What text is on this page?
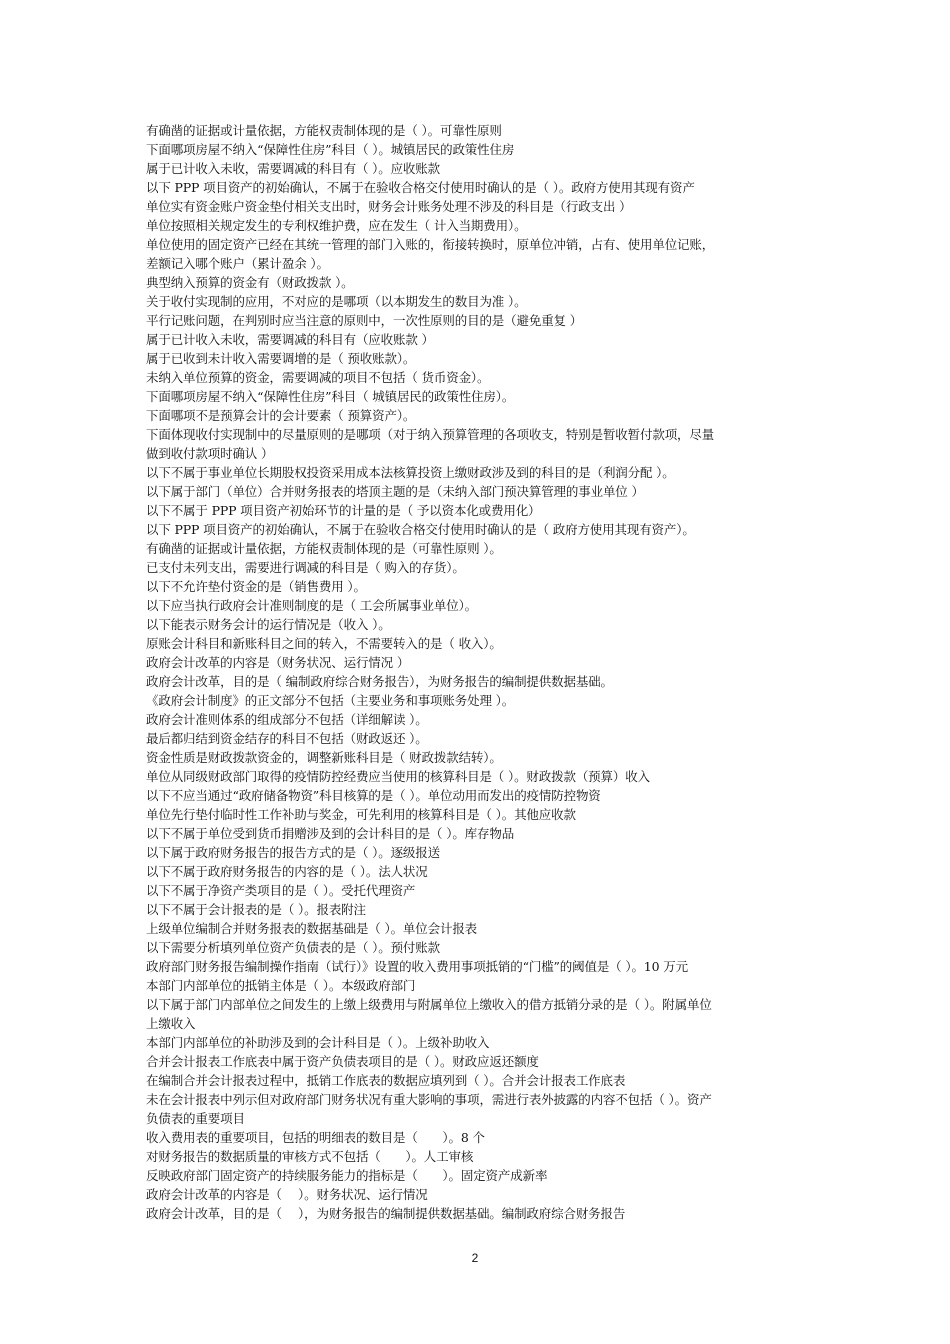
有确凿的证据或计量依据，方能权责制体现的是（ ）。可靠性原则
下面哪项房屋不纳入“保障性住房”科目（ ）。城镇居民的政策性住房
属于已计收入未收，需要调减的科目有（ ）。应收账款
以下 PPP 项目资产的初始确认，不属于在验收合格交付使用时确认的是（ ）。政府方使用其现有资产
单位实有资金账户资金垫付相关支出时，财务会计账务处理不涉及的科目是（行政支出 ）
单位按照相关规定发生的专利权维护费，应在发生（ 计入当期费用）。
单位使用的固定资产已经在其统一管理的部门入账的，衔接转换时，原单位冲销，占有、使用单位记账，
差额记入哪个账户（累计盈余 ）。
典型纳入预算的资金有（财政拨款 ）。
关于收付实现制的应用，不对应的是哪项（以本期发生的数目为准 ）。
平行记账问题，在判别时应当注意的原则中，一次性原则的目的是（避免重复 ）
属于已计收入未收，需要调减的科目有（应收账款 ）
属于已收到未计收入需要调增的是（ 预收账款）。
未纳入单位预算的资金，需要调减的项目不包括（ 货币资金）。
下面哪项房屋不纳入“保障性住房”科目（ 城镇居民的政策性住房）。
下面哪项不是预算会计的会计要素（ 预算资产）。
下面体现收付实现制中的尽量原则的是哪项（对于纳入预算管理的各项收支，特别是暂收暂付款项，尽量
做到收付款项时确认 ）
以下不属于事业单位长期股权投资采用成本法核算投资上缴财政涉及到的科目的是（利润分配 ）。
以下属于部门（单位）合并财务报表的塔顶主题的是（未纳入部门预决算管理的事业单位 ）
以下不属于 PPP 项目资产初始环节的计量的是（ 予以资本化或费用化）
以下 PPP 项目资产的初始确认，不属于在验收合格交付使用时确认的是（ 政府方使用其现有资产）。
有确凿的证据或计量依据，方能权责制体现的是（可靠性原则 ）。
已支付未列支出，需要进行调减的科目是（ 购入的存货）。
以下不允许垫付资金的是（销售费用 ）。
以下应当执行政府会计准则制度的是（ 工会所属事业单位）。
以下能表示财务会计的运行情况是（收入 ）。
原账会计科目和新账科目之间的转入，不需要转入的是（ 收入）。
政府会计改革的内容是（财务状况、运行情况 ）
政府会计改革，目的是（ 编制政府综合财务报告），为财务报告的编制提供数据基础。
《政府会计制度》的正文部分不包括（主要业务和事项账务处理 ）。
政府会计准则体系的组成部分不包括（详细解读 ）。
最后都归结到资金结存的科目不包括（财政返还 ）。
资金性质是财政拨款资金的，调整新账科目是（ 财政拨款结转）。
单位从同级财政部门取得的疫情防控经费应当使用的核算科目是（ ）。财政拨款（预算）收入
以下不应当通过“政府储备物资”科目核算的是（ ）。单位动用而发出的疫情防控物资
单位先行垫付临时性工作补助与奖金，可先利用的核算科目是（ ）。其他应收款
以下不属于单位受到货币捐赠涉及到的会计科目的是（ ）。库存物品
以下属于政府财务报告的报告方式的是（ ）。逐级报送
以下不属于政府财务报告的内容的是（ ）。法人状况
以下不属于净资产类项目的是（ ）。受托代理资产
以下不属于会计报表的是（ ）。报表附注
上级单位编制合并财务报表的数据基础是（ ）。单位会计报表
以下需要分析填列单位资产负债表的是（ ）。预付账款
政府部门财务报告编制操作指南（试行）》设置的收入费用事项抵销的“门槛”的阈值是（ ）。10 万元
本部门内部单位的抵销主体是（ ）。本级政府部门
以下属于部门内部单位之间发生的上缴上级费用与附属单位上缴收入的借方抵销分录的是（ ）。附属单位
上缴收入
本部门内部单位的补助涉及到的会计科目是（ ）。上级补助收入
合并会计报表工作底表中属于资产负债表项目的是（ ）。财政应返还额度
在编制合并会计报表过程中，抵销工作底表的数据应填列到（ ）。合并会计报表工作底表
未在会计报表中列示但对政府部门财务状况有重大影响的事项，需进行表外披露的内容不包括（ ）。资产
负债表的重要项目
收入费用表的重要项目，包括的明细表的数目是（　　）。8 个
对财务报告的数据质量的审核方式不包括（　　）。人工审核
反映政府部门固定资产的持续服务能力的指标是（　　）。固定资产成新率
政府会计改革的内容是（　 ）。财务状况、运行情况
政府会计改革，目的是（　 ），为财务报告的编制提供数据基础。编制政府综合财务报告
2
